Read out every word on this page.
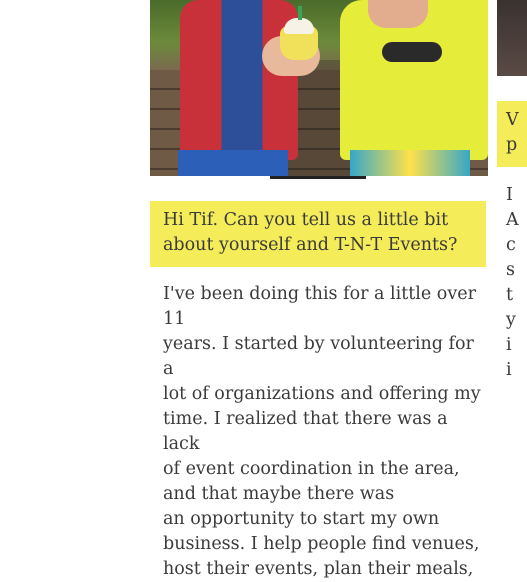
Hi Tif. Can you tell us a little bit about yourself and T-N-T Events?
I've been doing this for a little over 11
years. I started by volunteering for a
lot of organizations and offering my
time. I realized that there was a lack
of event coordination in the area,
and that maybe there was
an opportunity to start my own
business. I help people find venues,
host their events, plan their meals,
V
p
I
A
c
s
t
y
i
i
